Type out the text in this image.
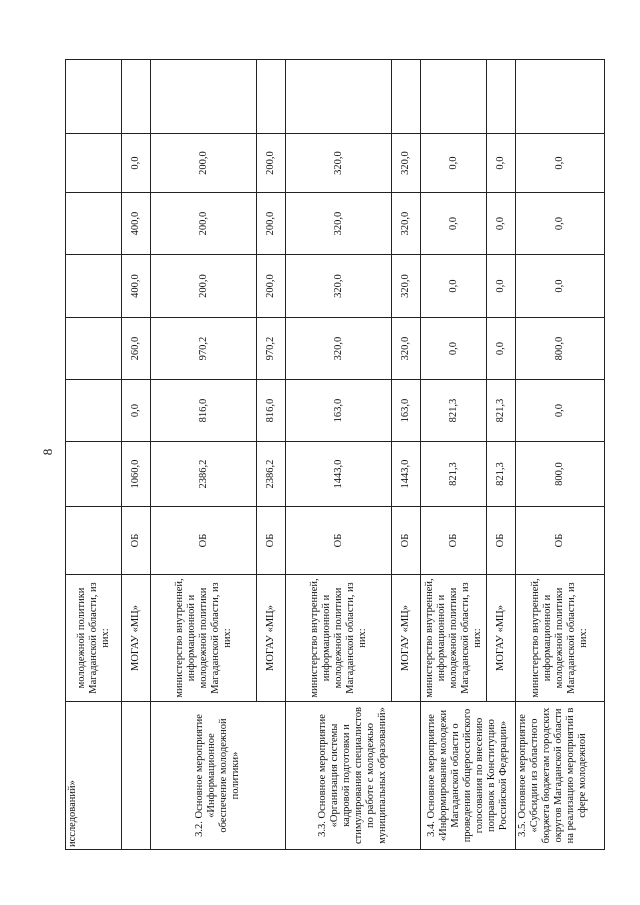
8
исследований»	молодежной политики Магаданской области, из них:								
	МОГАУ «МЦ»	ОБ	1060,0	0,0	260,0	400,0	400,0	0,0	
3.2. Основное мероприятие «Информационное обеспечение молодежной политики»	министерство внутренней, информационной и молодежной политики Магаданской области, из них:	ОБ	2386,2	816,0	970,2	200,0	200,0	200,0	
	МОГАУ «МЦ»	ОБ	2386,2	816,0	970,2	200,0	200,0	200,0	
3.3. Основное мероприятие «Организация системы кадровой подготовки и стимулирования специалистов по работе с молодежью муниципальных образований»	министерство внутренней, информационной и молодежной политики Магаданской области, из них:	ОБ	1443,0	163,0	320,0	320,0	320,0	320,0	
	МОГАУ «МЦ»	ОБ	1443,0	163,0	320,0	320,0	320,0	320,0	
3.4. Основное мероприятие «Информирование молодежи Магаданской области о проведении общероссийского голосования по внесению поправок в Конституцию Российской Федерации»	министерство внутренней, информационной и молодежной политики Магаданской области, из них:	ОБ	821,3	821,3	0,0	0,0	0,0	0,0	
	МОГАУ «МЦ»	ОБ	821,3	821,3	0,0	0,0	0,0	0,0	
3.5. Основное мероприятие «Субсидии из областного бюджета бюджетам городских округов Магаданской области на реализацию мероприятий в сфере молодежной	министерство внутренней, информационной и молодежной политики Магаданской области, из них:	ОБ	800,0	0,0	800,0	0,0	0,0	0,0	
